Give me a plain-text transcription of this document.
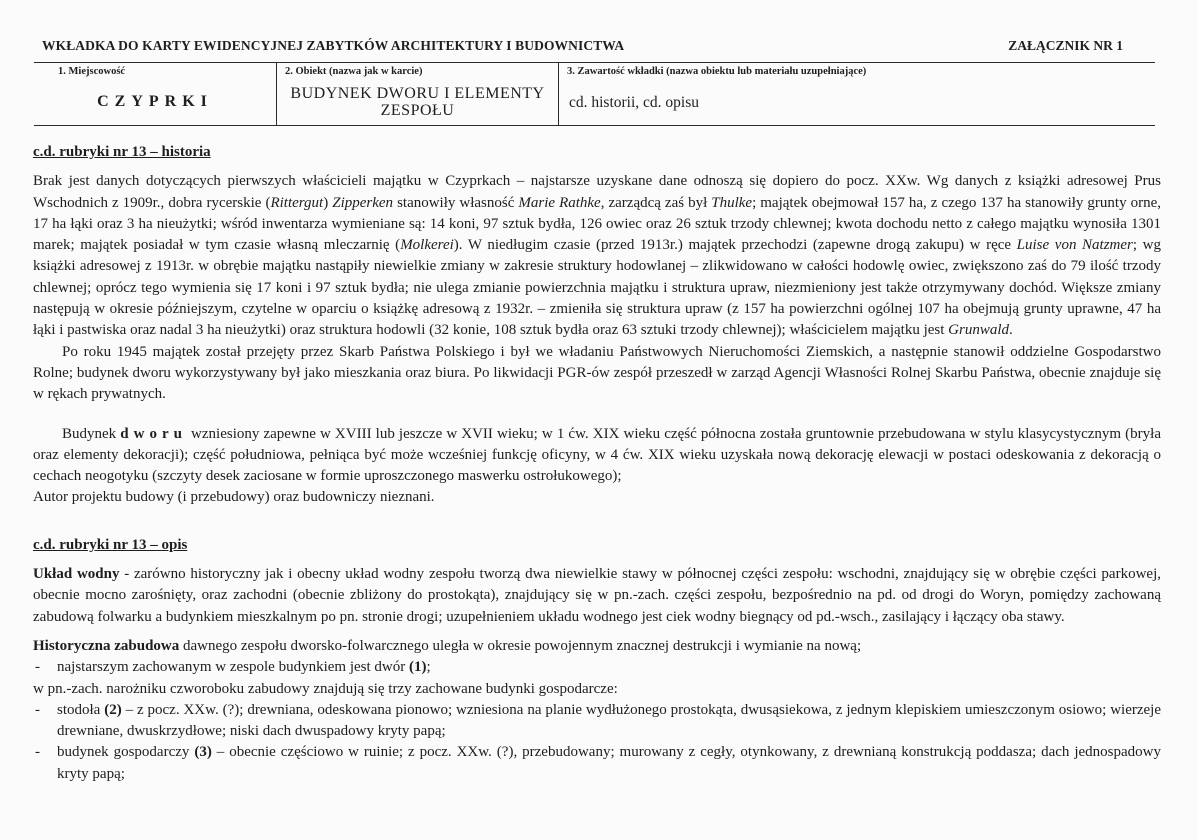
WKŁADKA DO KARTY EWIDENCYJNEJ ZABYTKÓW ARCHITEKTURY I BUDOWNICTWA	ZAŁĄCZNIK NR 1
1. Miejscowość
CZYPRKI
2. Obiekt (nazwa jak w karcie)
BUDYNEK DWORU I ELEMENTY ZESPOŁU
3. Zawartość wkładki (nazwa obiektu lub materiału uzupełniające)
cd. historii, cd. opisu
c.d. rubryki nr 13 – historia

Brak jest danych dotyczących pierwszych właścicieli majątku w Czyprkach – najstarsze uzyskane dane odnoszą się dopiero do pocz. XXw. Wg danych z książki adresowej Prus Wschodnich z 1909r., dobra rycerskie (Rittergut) Zipperken stanowiły własność Marie Rathke, zarządcą zaś był Thulke; majątek obejmował 157 ha, z czego 137 ha stanowiły grunty orne, 17 ha łąki oraz 3 ha nieużytki; wśród inwentarza wymieniane są: 14 koni, 97 sztuk bydła, 126 owiec oraz 26 sztuk trzody chlewnej; kwota dochodu netto z całego majątku wynosiła 1301 marek; majątek posiadał w tym czasie własną mleczarnię (Molkerei). W niedługim czasie (przed 1913r.) majątek przechodzi (zapewne drogą zakupu) w ręce Luise von Natzmer; wg książki adresowej z 1913r. w obrębie majątku nastąpiły niewielkie zmiany w zakresie struktury hodowlanej – zlikwidowano w całości hodowlę owiec, zwiększono zaś do 79 ilość trzody chlewnej; oprócz tego wymienia się 17 koni i 97 sztuk bydła; nie ulega zmianie powierzchnia majątku i struktura upraw, niezmieniony jest także otrzymywany dochód. Większe zmiany następują w okresie późniejszym, czytelne w oparciu o książkę adresową z 1932r. – zmieniła się struktura upraw (z 157 ha powierzchni ogólnej 107 ha obejmują grunty uprawne, 47 ha łąki i pastwiska oraz nadal 3 ha nieużytki) oraz struktura hodowli (32 konie, 108 sztuk bydła oraz 63 sztuki trzody chlewnej); właścicielem majątku jest Grunwald.

Po roku 1945 majątek został przejęty przez Skarb Państwa Polskiego i był we władaniu Państwowych Nieruchomości Ziemskich, a następnie stanowił oddzielne Gospodarstwo Rolne; budynek dworu wykorzystywany był jako mieszkania oraz biura. Po likwidacji PGR-ów zespół przeszedł w zarząd Agencji Własności Rolnej Skarbu Państwa, obecnie znajduje się w rękach prywatnych.

Budynek dworu wzniesiony zapewne w XVIII lub jeszcze w XVII wieku; w 1 ćw. XIX wieku część północna została gruntownie przebudowana w stylu klasycystycznym (bryła oraz elementy dekoracji); część południowa, pełniąca być może wcześniej funkcję oficyny, w 4 ćw. XIX wieku uzyskała nową dekorację elewacji w postaci odeskowania z dekoracją o cechach neogotyku (szczyty desek zaciosane w formie uproszczonego maswerku ostrołukowego);

Autor projektu budowy (i przebudowy) oraz budowniczy nieznani.

c.d. rubryki nr 13 – opis

Układ wodny - zarówno historyczny jak i obecny układ wodny zespołu tworzą dwa niewielkie stawy w północnej części zespołu: wschodni, znajdujący się w obrębie części parkowej, obecnie mocno zarośnięty, oraz zachodni (obecnie zbliżony do prostokąta), znajdujący się w pn.-zach. części zespołu, bezpośrednio na pd. od drogi do Woryn, pomiędzy zachowaną zabudową folwarku a budynkiem mieszkalnym po pn. stronie drogi; uzupełnieniem układu wodnego jest ciek wodny biegnący od pd.-wsch., zasilający i łączący oba stawy.

Historyczna zabudowa dawnego zespołu dworsko-folwarcznego uległa w okresie powojennym znacznej destrukcji i wymianie na nową;

- najstarszym zachowanym w zespole budynkiem jest dwór (1);

w pn.-zach. narożniku czworoboku zabudowy znajdują się trzy zachowane budynki gospodarcze:

- stodoła (2) – z pocz. XXw. (?); drewniana, odeskowana pionowo; wzniesiona na planie wydłużonego prostokąta, dwusąsiekowa, z jednym klepiskiem umieszczonym osiowo; wierzeje drewniane, dwuskrzydłowe; niski dach dwuspadowy kryty papą;
- budynek gospodarczy (3) – obecnie częściowo w ruinie; z pocz. XXw. (?), przebudowany; murowany z cegły, otynkowany, z drewnianą konstrukcją poddasza; dach jednospadowy kryty papą;
